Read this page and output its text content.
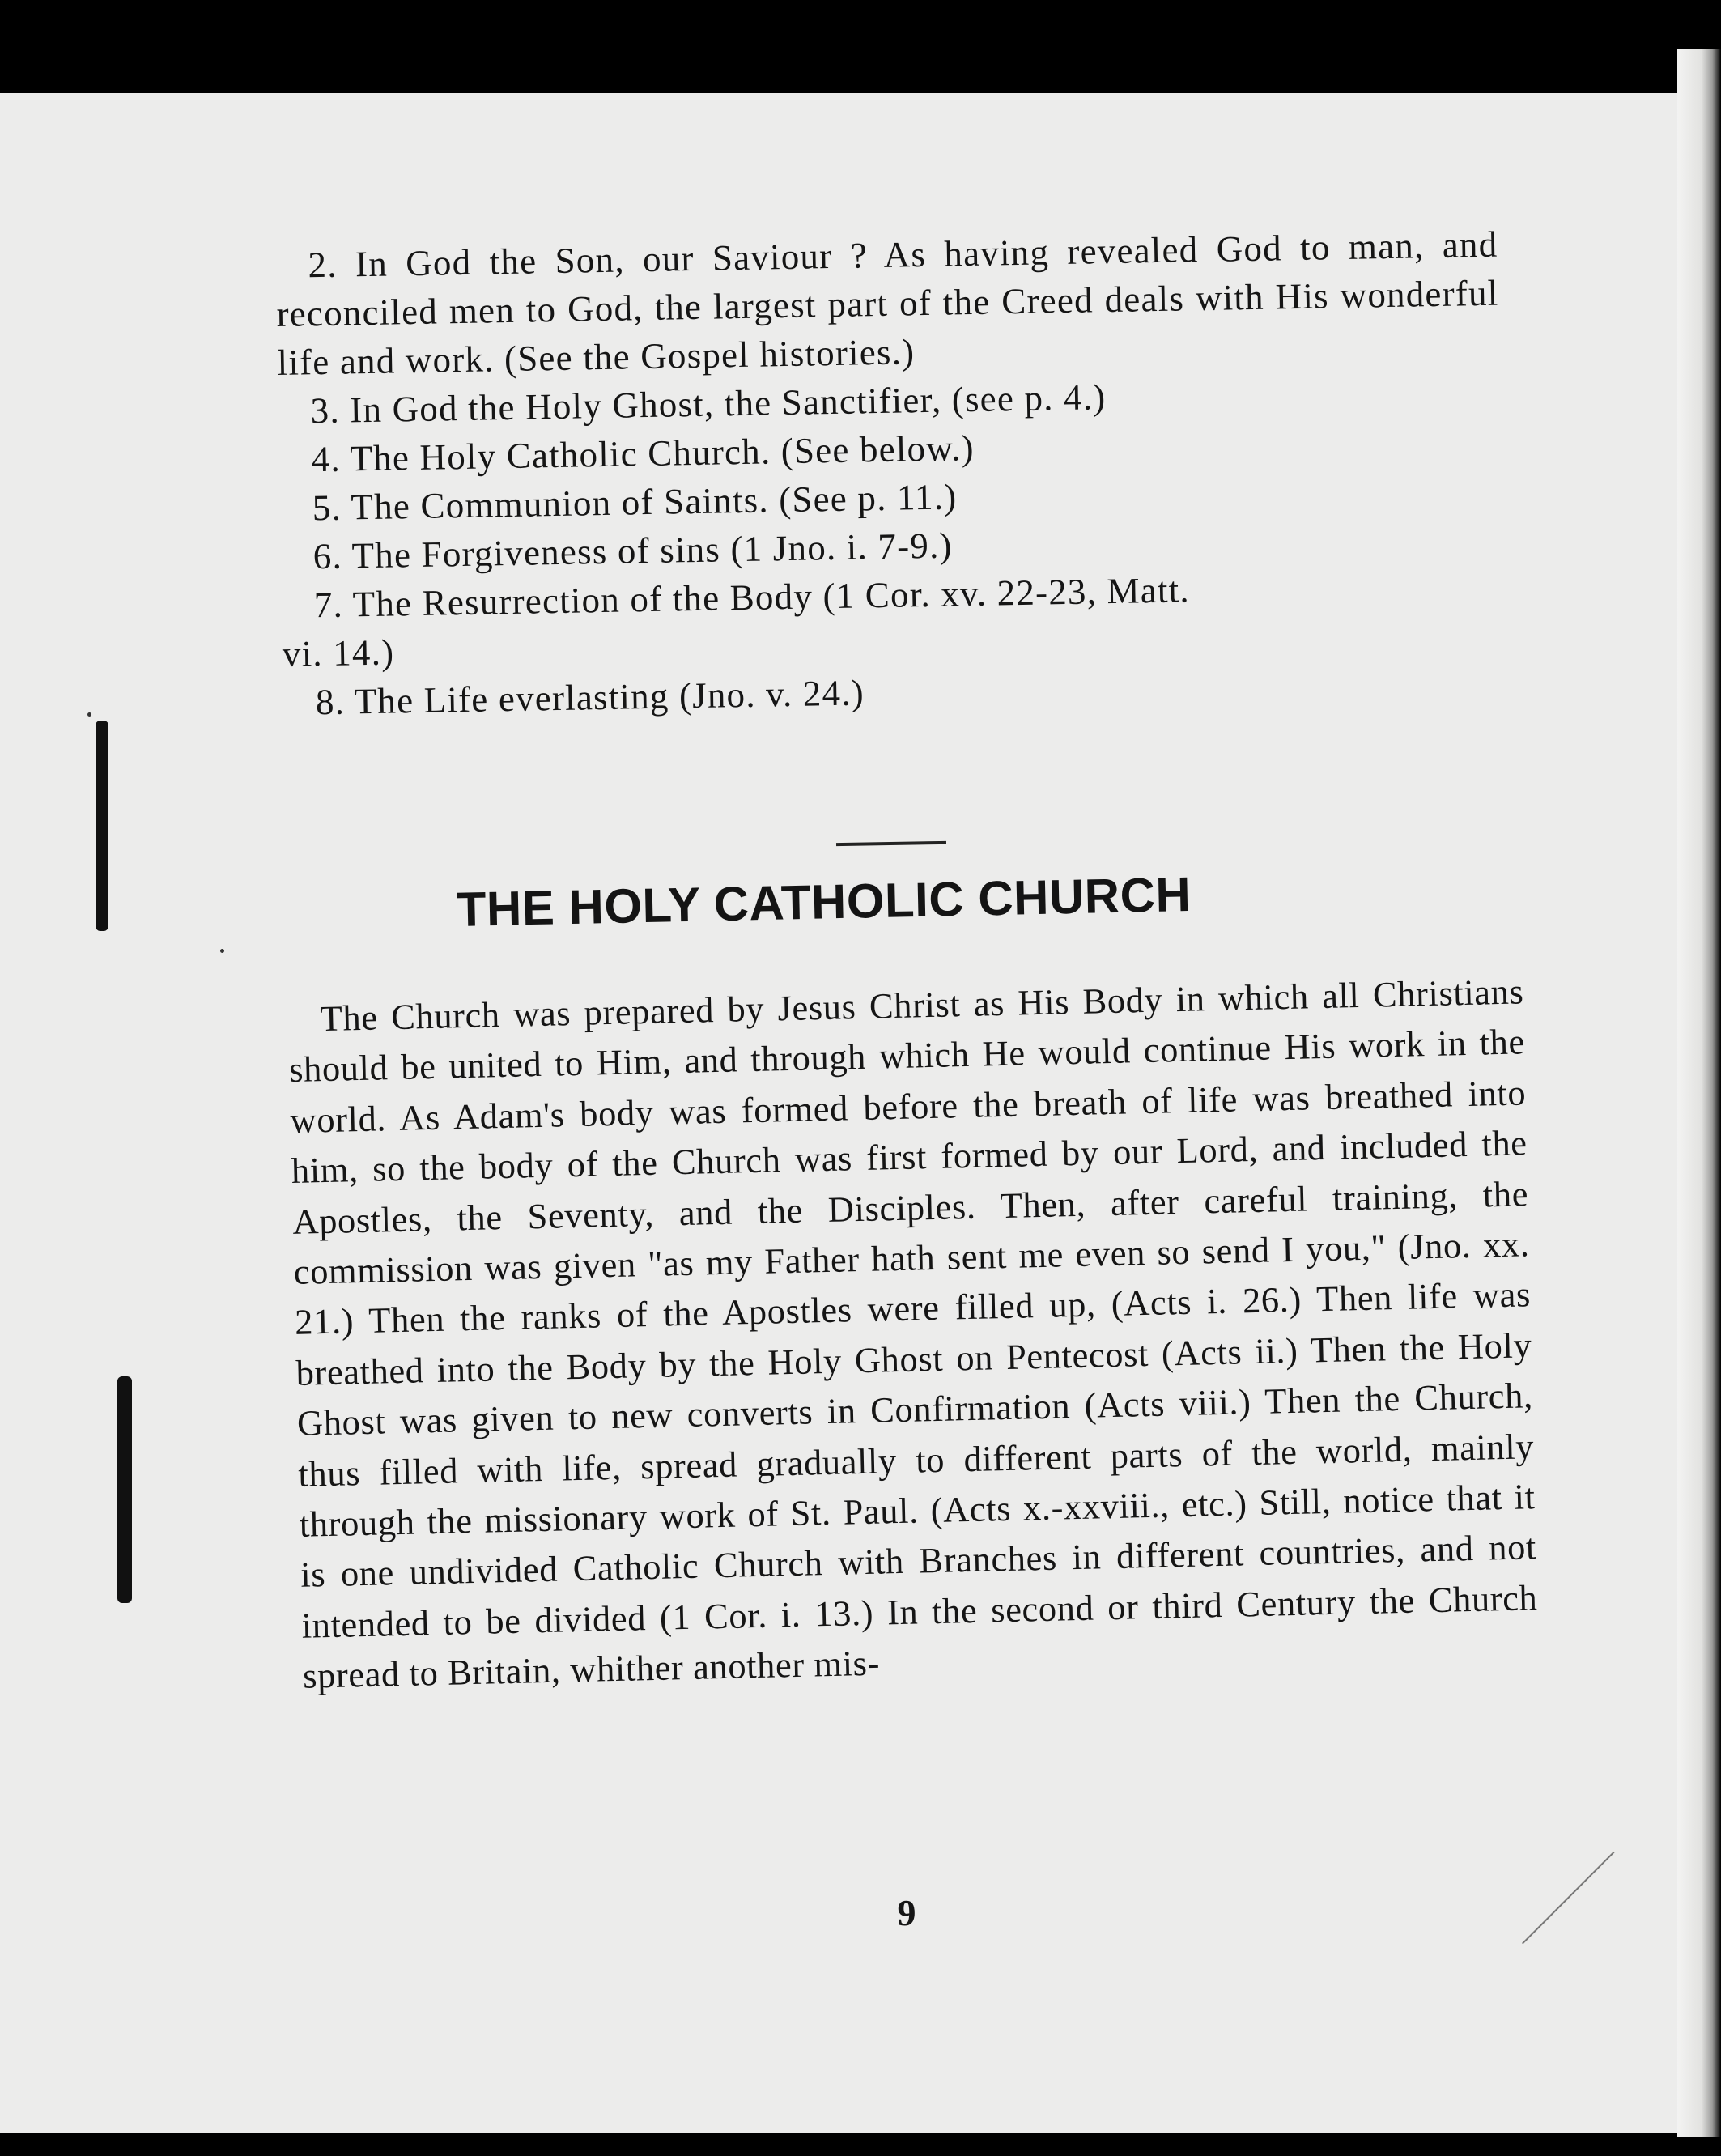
2. In God the Son, our Saviour ? As having revealed God to man, and reconciled men to God, the largest part of the Creed deals with His wonderful life and work. (See the Gospel histories.)

3. In God the Holy Ghost, the Sanctifier, (see p. 4.)

4. The Holy Catholic Church. (See below.)

5. The Communion of Saints. (See p. 11.)

6. The Forgiveness of sins (1 Jno. i. 7-9.)

7. The Resurrection of the Body (1 Cor. xv. 22-23, Matt.

vi. 14.)

8. The Life everlasting (Jno. v. 24.)

THE HOLY CATHOLIC CHURCH

The Church was prepared by Jesus Christ as His Body in which all Christians should be united to Him, and through which He would continue His work in the world. As Adam's body was formed before the breath of life was breathed into him, so the body of the Church was first formed by our Lord, and included the Apostles, the Seventy, and the Disciples. Then, after careful training, the commission was given "as my Father hath sent me even so send I you," (Jno. xx. 21.) Then the ranks of the Apostles were filled up, (Acts i. 26.) Then life was breathed into the Body by the Holy Ghost on Pentecost (Acts ii.) Then the Holy Ghost was given to new converts in Confirmation (Acts viii.) Then the Church, thus filled with life, spread gradually to different parts of the world, mainly through the missionary work of St. Paul. (Acts x.-xxviii., etc.) Still, notice that it is one undivided Catholic Church with Branches in different countries, and not intended to be divided (1 Cor. i. 13.) In the second or third Century the Church spread to Britain, whither another mis-

9
